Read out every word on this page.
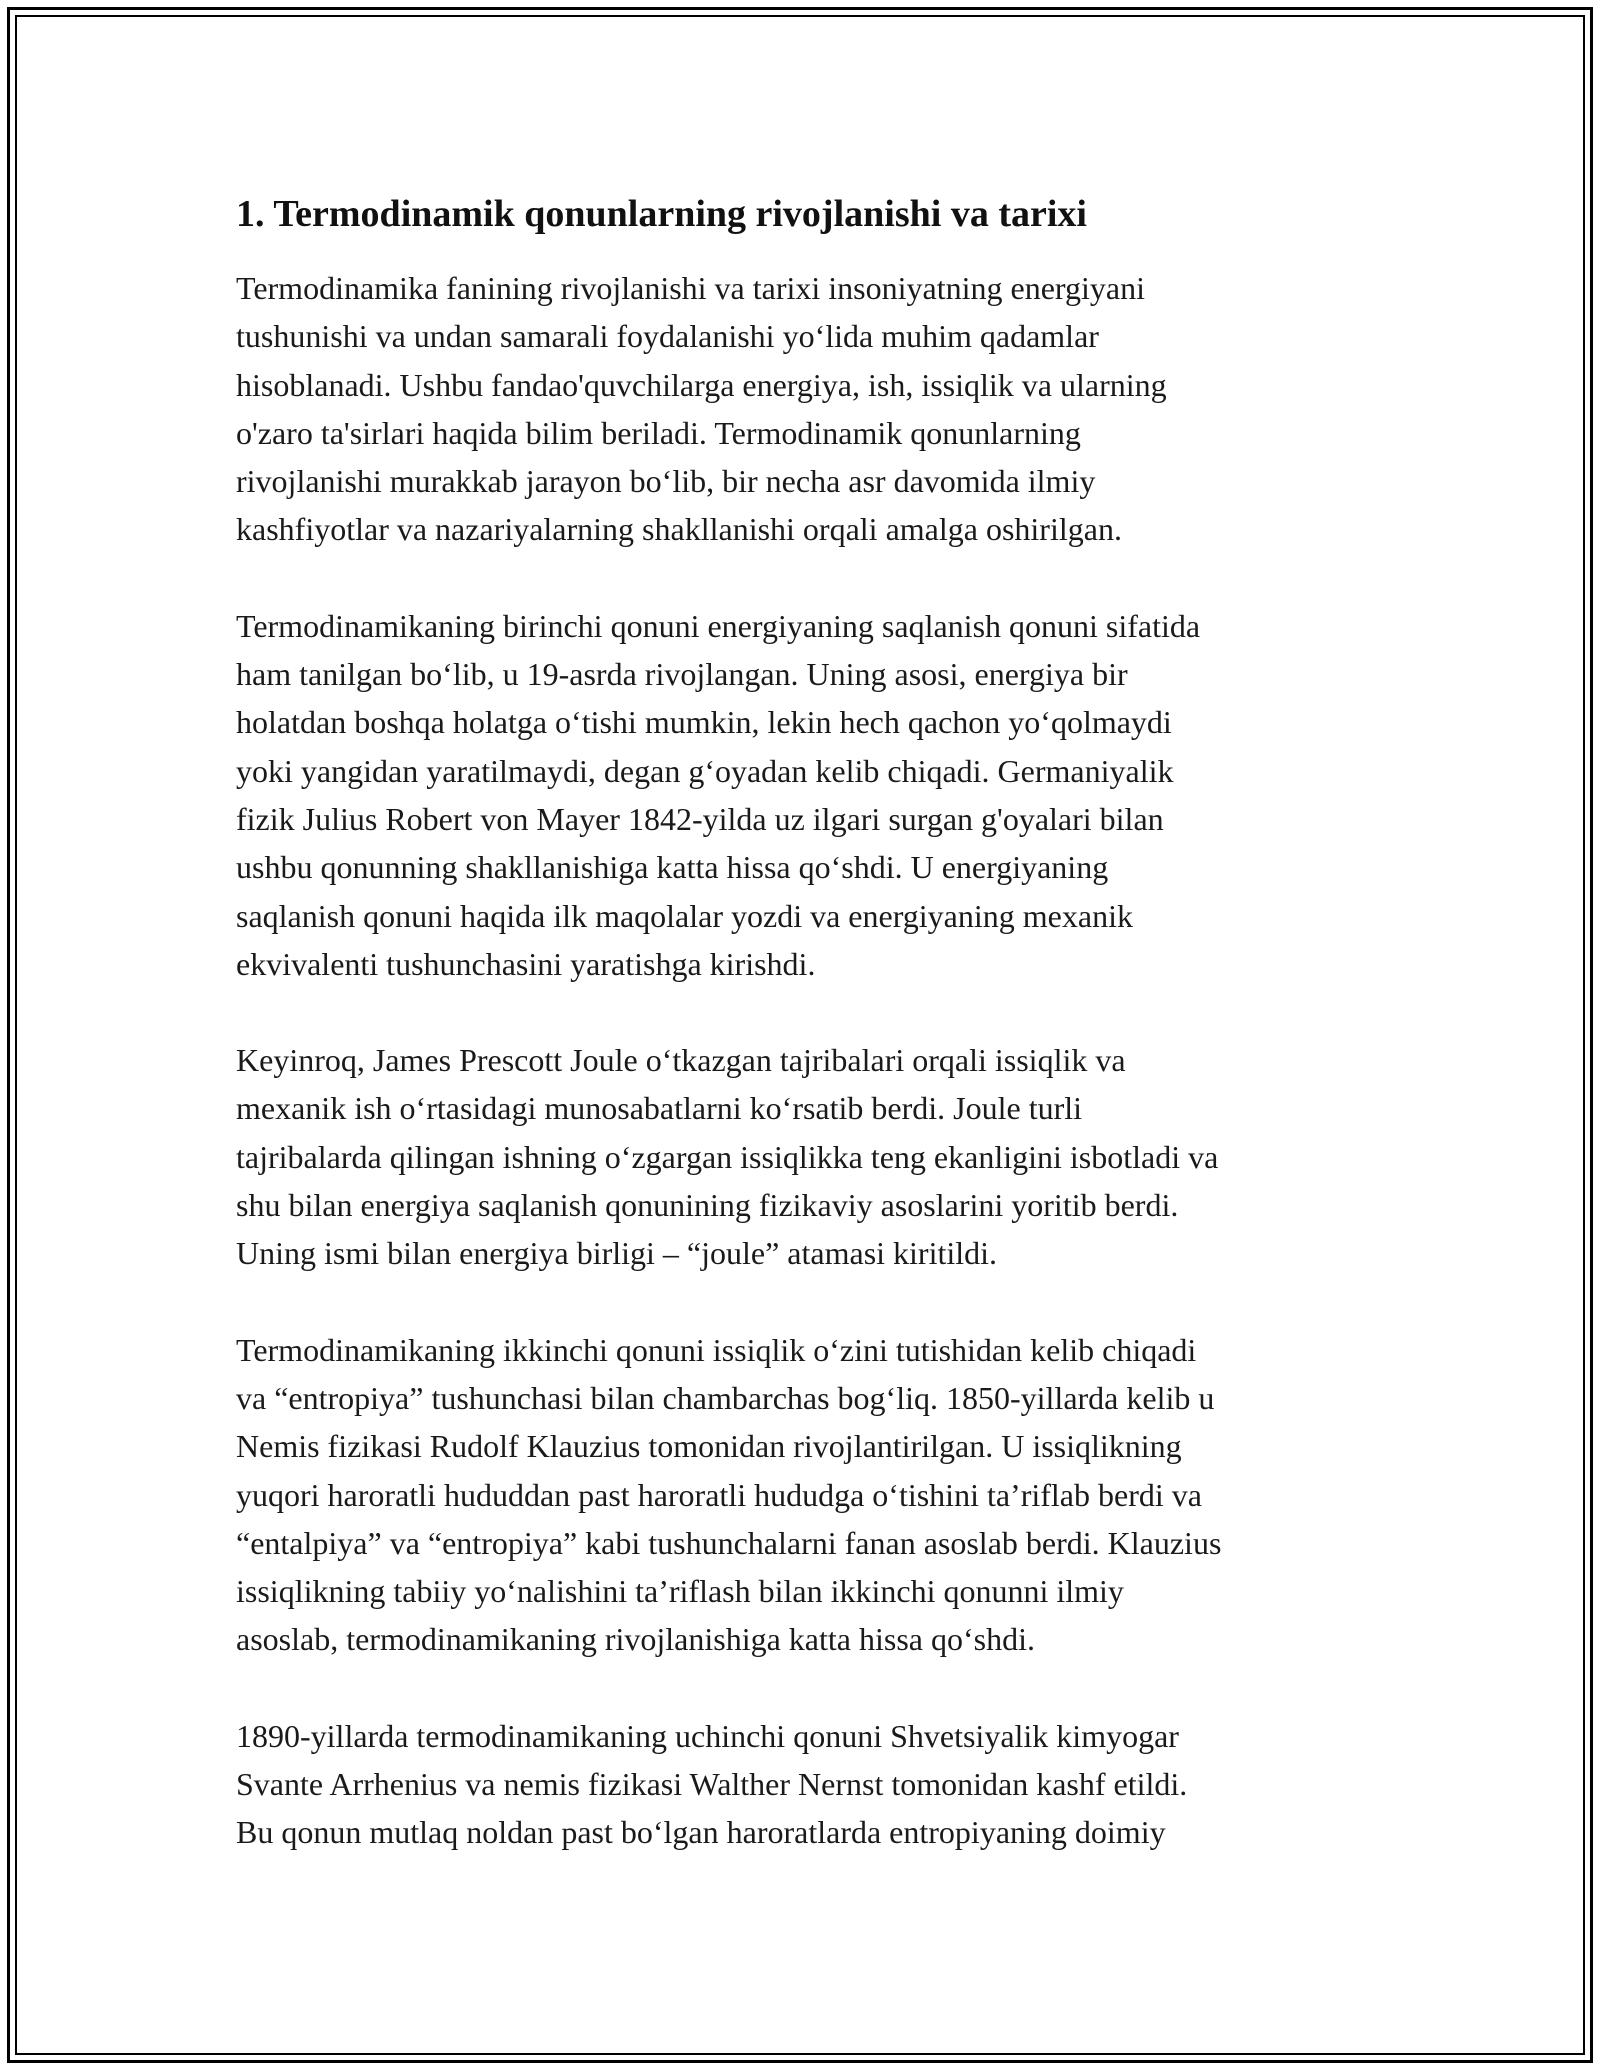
1. Termodinamik qonunlarning rivojlanishi va tarixi

Termodinamika fanining rivojlanishi va tarixi insoniyatning energiyani
tushunishi va undan samarali foydalanishi yo‘lida muhim qadamlar
hisoblanadi. Ushbu fandao'quvchilarga energiya, ish, issiqlik va ularning
o'zaro ta'sirlari haqida bilim beriladi. Termodinamik qonunlarning
rivojlanishi murakkab jarayon bo‘lib, bir necha asr davomida ilmiy
kashfiyotlar va nazariyalarning shakllanishi orqali amalga oshirilgan.

Termodinamikaning birinchi qonuni energiyaning saqlanish qonuni sifatida
ham tanilgan bo‘lib, u 19-asrda rivojlangan. Uning asosi, energiya bir
holatdan boshqa holatga o‘tishi mumkin, lekin hech qachon yo‘qolmaydi
yoki yangidan yaratilmaydi, degan g‘oyadan kelib chiqadi. Germaniyalik
fizik Julius Robert von Mayer 1842-yilda uz ilgari surgan g'oyalari bilan
ushbu qonunning shakllanishiga katta hissa qo‘shdi. U energiyaning
saqlanish qonuni haqida ilk maqolalar yozdi va energiyaning mexanik
ekvivalenti tushunchasini yaratishga kirishdi.

Keyinroq, James Prescott Joule o‘tkazgan tajribalari orqali issiqlik va
mexanik ish o‘rtasidagi munosabatlarni ko‘rsatib berdi. Joule turli
tajribalarda qilingan ishning o‘zgargan issiqlikka teng ekanligini isbotladi va
shu bilan energiya saqlanish qonunining fizikaviy asoslarini yoritib berdi.
Uning ismi bilan energiya birligi – “joule” atamasi kiritildi.

Termodinamikaning ikkinchi qonuni issiqlik o‘zini tutishidan kelib chiqadi
va “entropiya” tushunchasi bilan chambarchas bog‘liq. 1850-yillarda kelib u
Nemis fizikasi Rudolf Klauzius tomonidan rivojlantirilgan. U issiqlikning
yuqori haroratli hududdan past haroratli hududga o‘tishini ta’riflab berdi va
“entalpiya” va “entropiya” kabi tushunchalarni fanan asoslab berdi. Klauzius
issiqlikning tabiiy yo‘nalishini ta’riflash bilan ikkinchi qonunni ilmiy
asoslab, termodinamikaning rivojlanishiga katta hissa qo‘shdi.

1890-yillarda termodinamikaning uchinchi qonuni Shvetsiyalik kimyogar
Svante Arrhenius va nemis fizikasi Walther Nernst tomonidan kashf etildi.
Bu qonun mutlaq noldan past bo‘lgan haroratlarda entropiyaning doimiy
